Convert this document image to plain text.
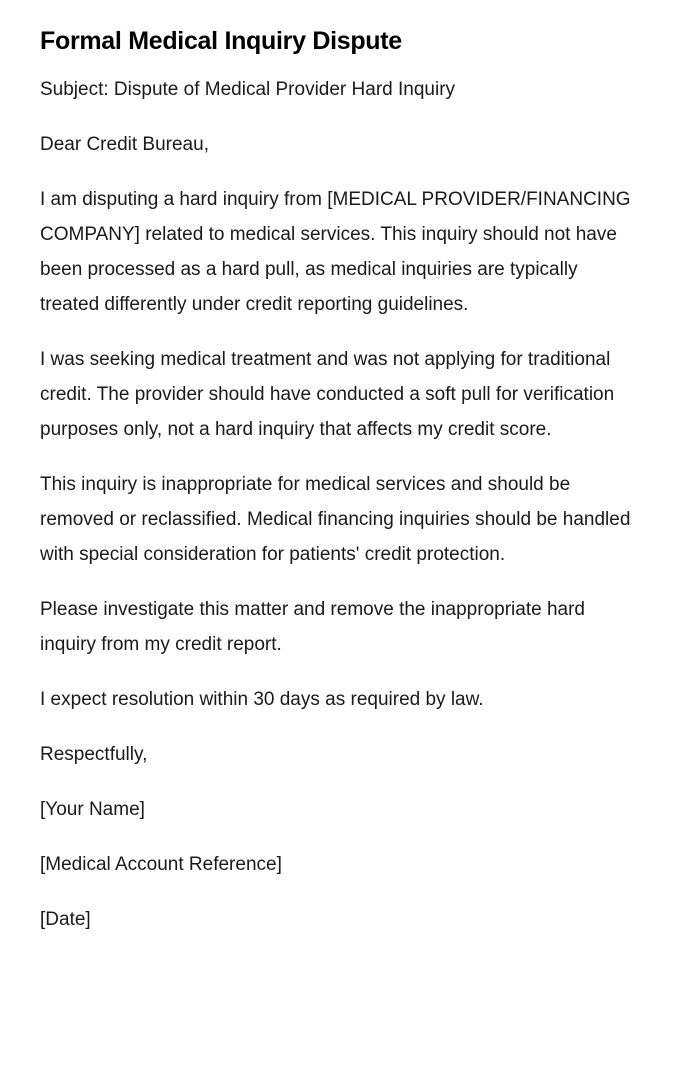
Formal Medical Inquiry Dispute

Subject: Dispute of Medical Provider Hard Inquiry

Dear Credit Bureau,

I am disputing a hard inquiry from [MEDICAL PROVIDER/FINANCING COMPANY] related to medical services. This inquiry should not have been processed as a hard pull, as medical inquiries are typically treated differently under credit reporting guidelines.

I was seeking medical treatment and was not applying for traditional credit. The provider should have conducted a soft pull for verification purposes only, not a hard inquiry that affects my credit score.

This inquiry is inappropriate for medical services and should be removed or reclassified. Medical financing inquiries should be handled with special consideration for patients' credit protection.

Please investigate this matter and remove the inappropriate hard inquiry from my credit report.

I expect resolution within 30 days as required by law.

Respectfully,

[Your Name]

[Medical Account Reference]

[Date]
